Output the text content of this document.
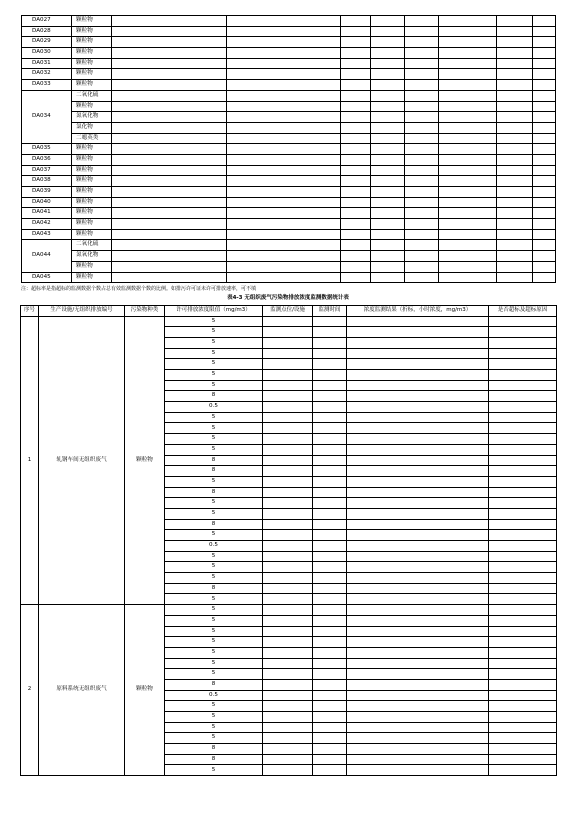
DA027	颗粒物								
DA028	颗粒物								
DA029	颗粒物								
DA030	颗粒物								
DA031	颗粒物								
DA032	颗粒物								
DA033	颗粒物								
DA034	二氧化硫								
	颗粒物								
	氮氧化物								
	氯化物								
	二噁英类								
DA035	颗粒物								
DA036	颗粒物								
DA037	颗粒物								
DA038	颗粒物								
DA039	颗粒物								
DA040	颗粒物								
DA041	颗粒物								
DA042	颗粒物								
DA043	颗粒物								
DA044	二氧化硫								
	氮氧化物								
	颗粒物								
DA045	颗粒物								
注：超标率是指超标的监测数据个数占总有效监测数据个数的比例。如排污许可证未许可排放速率，可不填
表4-3 无组织废气污染物排放浓度监测数据统计表
序号	生产设施/无组织排放编号	污染物种类	许可排放浓度限值（mg/m3）	监测点位/设施	监测时间	浓度监测结果（折标，小时浓度，mg/m3）	是否超标及超标原因
1	轧钢车间无组织废气	颗粒物	5				
			5				
			5				
			5				
			5				
			5				
			5				
			8				
			0.5				
			5				
			5				
			5				
			5				
			8				
			8				
			5				
			8				
			5				
			5				
			8				
			5				
			0.5				
			5				
			5				
			5				
			8				
			5				
2	原料系统无组织废气	颗粒物	5				
			5				
			5				
			5				
			5				
			5				
			5				
			8				
			0.5				
			5				
			5				
			5				
			5				
			8				
			8				
			5				
